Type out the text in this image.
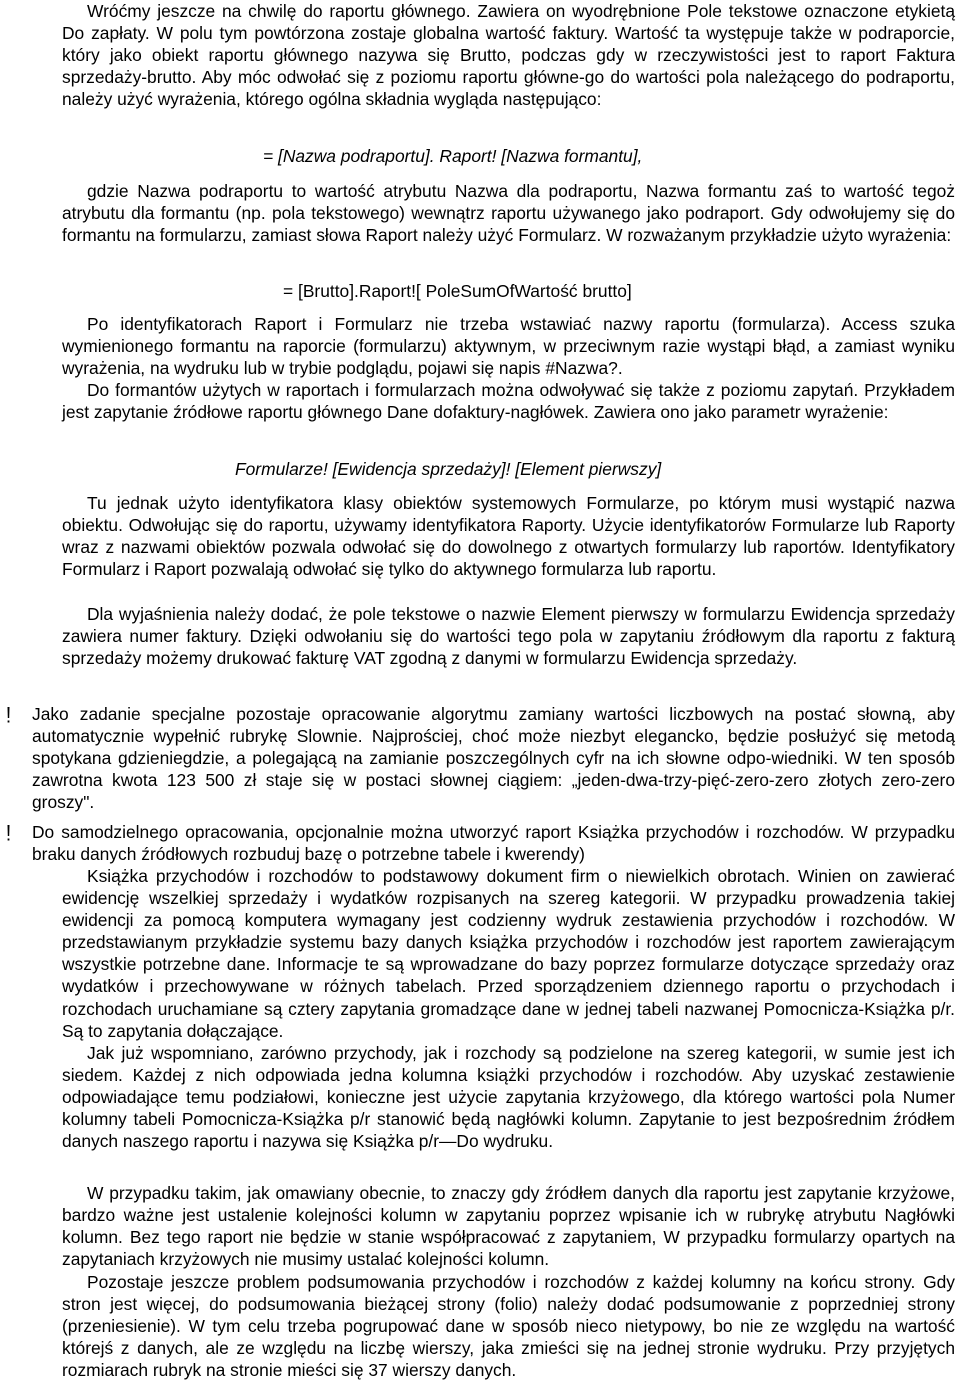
Wróćmy jeszcze na chwilę do raportu głównego. Zawiera on wyodrębnione Pole tekstowe oznaczone etykietą Do zapłaty. W polu tym powtórzona zostaje globalna wartość faktury. Wartość ta występuje także w podraporcie, który jako obiekt raportu głównego nazywa się Brutto, podczas gdy w rzeczywistości jest to raport Faktura sprzedaży-brutto. Aby móc odwołać się z poziomu raportu główne-go do wartości pola należącego do podraportu, należy użyć wyrażenia, którego ogólna składnia wygląda następująco:

= [Nazwa podraportu]. Raport! [Nazwa formantu],

gdzie Nazwa podraportu to wartość atrybutu Nazwa dla podraportu, Nazwa formantu zaś to wartość tegoż atrybutu dla formantu (np. pola tekstowego) wewnątrz raportu używanego jako podraport. Gdy odwołujemy się do formantu na formularzu, zamiast słowa Raport należy użyć Formularz. W rozważanym przykładzie użyto wyrażenia:

= [Brutto].Raport![ PoleSumOfWartość brutto]

Po identyfikatorach Raport i Formularz nie trzeba wstawiać nazwy raportu (formularza). Access szuka wymienionego formantu na raporcie (formularzu) aktywnym, w przeciwnym razie wystąpi błąd, a zamiast wyniku wyrażenia, na wydruku lub w trybie podglądu, pojawi się napis #Nazwa?.

Do formantów użytych w raportach i formularzach można odwoływać się także z poziomu zapytań. Przykładem jest zapytanie źródłowe raportu głównego Dane dofaktury-nagłówek. Zawiera ono jako parametr wyrażenie:

Formularze! [Ewidencja sprzedaży]! [Element pierwszy]

Tu jednak użyto identyfikatora klasy obiektów systemowych Formularze, po którym musi wystąpić nazwa obiektu. Odwołując się do raportu, używamy identyfikatora Raporty. Użycie identyfikatorów Formularze lub Raporty wraz z nazwami obiektów pozwala odwołać się do dowolnego z otwartych formularzy lub raportów. Identyfikatory Formularz i Raport pozwalają odwołać się tylko do aktywnego formularza lub raportu.

Dla wyjaśnienia należy dodać, że pole tekstowe o nazwie Element pierwszy w formularzu Ewidencja sprzedaży zawiera numer faktury. Dzięki odwołaniu się do wartości tego pola w zapytaniu źródłowym dla raportu z fakturą sprzedaży możemy drukować fakturę VAT zgodną z danymi w formularzu Ewidencja sprzedaży.

Jako zadanie specjalne pozostaje opracowanie algorytmu zamiany wartości liczbowych na postać słowną, aby automatycznie wypełnić rubrykę Slownie. Najprościej, choć może niezbyt elegancko, będzie posłużyć się metodą spotykana gdzieniegdzie, a polegającą na zamianie poszczególnych cyfr na ich słowne odpo-wiedniki. W ten sposób zawrotna kwota 123 500 zł staje się w postaci słownej ciągiem: „jeden-dwa-trzy-pięć-zero-zero złotych zero-zero groszy".

Do samodzielnego opracowania, opcjonalnie można utworzyć raport Książka przychodów i rozchodów. W przypadku braku danych źródłowych rozbuduj bazę o potrzebne tabele i kwerendy)

Książka przychodów i rozchodów to podstawowy dokument firm o niewielkich obrotach. Winien on zawierać ewidencję wszelkiej sprzedaży i wydatków rozpisanych na szereg kategorii. W przypadku prowadzenia takiej ewidencji za pomocą komputera wymagany jest codzienny wydruk zestawienia przychodów i rozchodów. W przedstawianym przykładzie systemu bazy danych książka przychodów i rozchodów jest raportem zawierającym wszystkie potrzebne dane. Informacje te są wprowadzane do bazy poprzez formularze dotyczące sprzedaży oraz wydatków i przechowywane w różnych tabelach. Przed sporządzeniem dziennego raportu o przychodach i rozchodach uruchamiane są cztery zapytania gromadzące dane w jednej tabeli nazwanej Pomocnicza-Książka p/r. Są to zapytania dołączające.

Jak już wspomniano, zarówno przychody, jak i rozchody są podzielone na szereg kategorii, w sumie jest ich siedem. Każdej z nich odpowiada jedna kolumna książki przychodów i rozchodów. Aby uzyskać zestawienie odpowiadające temu podziałowi, konieczne jest użycie zapytania krzyżowego, dla którego wartości pola Numer kolumny tabeli Pomocnicza-Książka p/r stanowić będą nagłówki kolumn. Zapytanie to jest bezpośrednim źródłem danych naszego raportu i nazywa się Książka p/r—Do wydruku.

W przypadku takim, jak omawiany obecnie, to znaczy gdy źródłem danych dla raportu jest zapytanie krzyżowe, bardzo ważne jest ustalenie kolejności kolumn w zapytaniu poprzez wpisanie ich w rubrykę atrybutu Nagłówki kolumn. Bez tego raport nie będzie w stanie współpracować z zapytaniem, W przypadku formularzy opartych na zapytaniach krzyżowych nie musimy ustalać kolejności kolumn.

Pozostaje jeszcze problem podsumowania przychodów i rozchodów z każdej kolumny na końcu strony. Gdy stron jest więcej, do podsumowania bieżącej strony (folio) należy dodać podsumowanie z poprzedniej strony (przeniesienie). W tym celu trzeba pogrupować dane w sposób nieco nietypowy, bo nie ze względu na wartość którejś z danych, ale ze względu na liczbę wierszy, jaka zmieści się na jednej stronie wydruku. Przy przyjętych rozmiarach rubryk na stronie mieści się 37 wierszy danych.
